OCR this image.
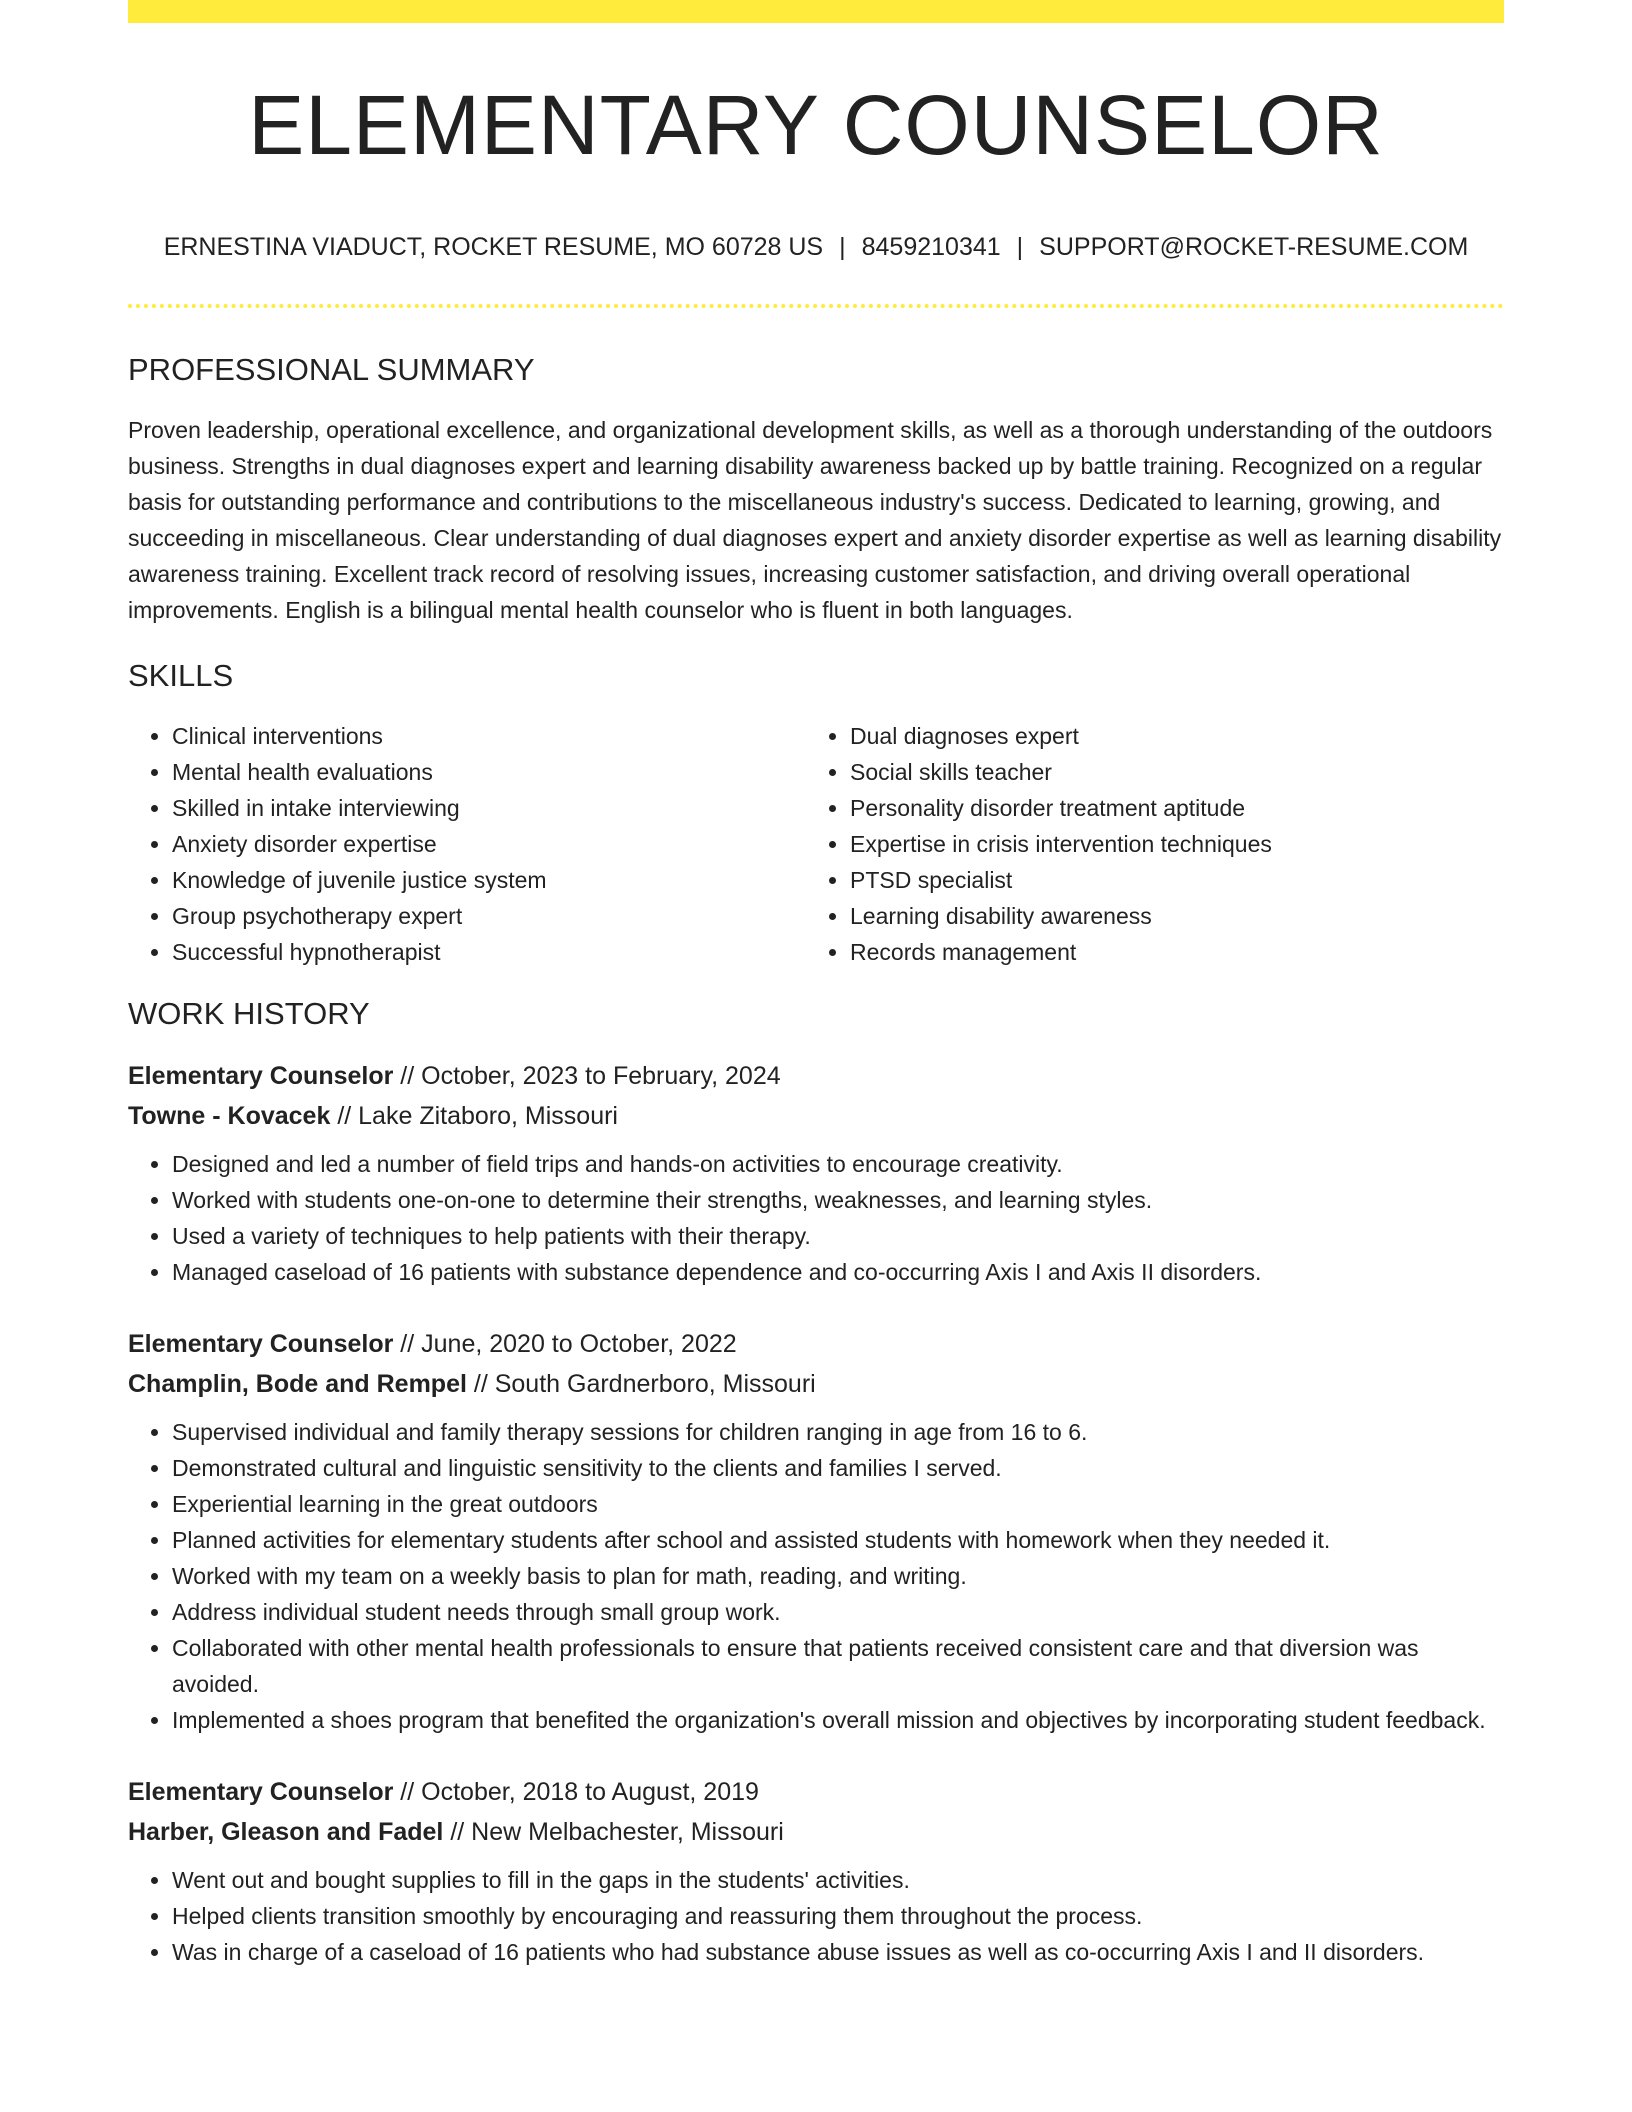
ELEMENTARY COUNSELOR
ERNESTINA VIADUCT, ROCKET RESUME, MO 60728 US | 8459210341 | SUPPORT@ROCKET-RESUME.COM
PROFESSIONAL SUMMARY

Proven leadership, operational excellence, and organizational development skills, as well as a thorough understanding of the outdoors business. Strengths in dual diagnoses expert and learning disability awareness backed up by battle training. Recognized on a regular basis for outstanding performance and contributions to the miscellaneous industry's success. Dedicated to learning, growing, and succeeding in miscellaneous. Clear understanding of dual diagnoses expert and anxiety disorder expertise as well as learning disability awareness training. Excellent track record of resolving issues, increasing customer satisfaction, and driving overall operational improvements. English is a bilingual mental health counselor who is fluent in both languages.

SKILLS
• Clinical interventions
• Mental health evaluations
• Skilled in intake interviewing
• Anxiety disorder expertise
• Knowledge of juvenile justice system
• Group psychotherapy expert
• Successful hypnotherapist
• Dual diagnoses expert
• Social skills teacher
• Personality disorder treatment aptitude
• Expertise in crisis intervention techniques
• PTSD specialist
• Learning disability awareness
• Records management
WORK HISTORY
Elementary Counselor // October, 2023 to February, 2024
Towne - Kovacek // Lake Zitaboro, Missouri
• Designed and led a number of field trips and hands-on activities to encourage creativity.
• Worked with students one-on-one to determine their strengths, weaknesses, and learning styles.
• Used a variety of techniques to help patients with their therapy.
• Managed caseload of 16 patients with substance dependence and co-occurring Axis I and Axis II disorders.
Elementary Counselor // June, 2020 to October, 2022
Champlin, Bode and Rempel // South Gardnerboro, Missouri
• Supervised individual and family therapy sessions for children ranging in age from 16 to 6.
• Demonstrated cultural and linguistic sensitivity to the clients and families I served.
• Experiential learning in the great outdoors
• Planned activities for elementary students after school and assisted students with homework when they needed it.
• Worked with my team on a weekly basis to plan for math, reading, and writing.
• Address individual student needs through small group work.
• Collaborated with other mental health professionals to ensure that patients received consistent care and that diversion was avoided.
• Implemented a shoes program that benefited the organization's overall mission and objectives by incorporating student feedback.
Elementary Counselor // October, 2018 to August, 2019
Harber, Gleason and Fadel // New Melbachester, Missouri
• Went out and bought supplies to fill in the gaps in the students' activities.
• Helped clients transition smoothly by encouraging and reassuring them throughout the process.
• Was in charge of a caseload of 16 patients who had substance abuse issues as well as co-occurring Axis I and II disorders.
